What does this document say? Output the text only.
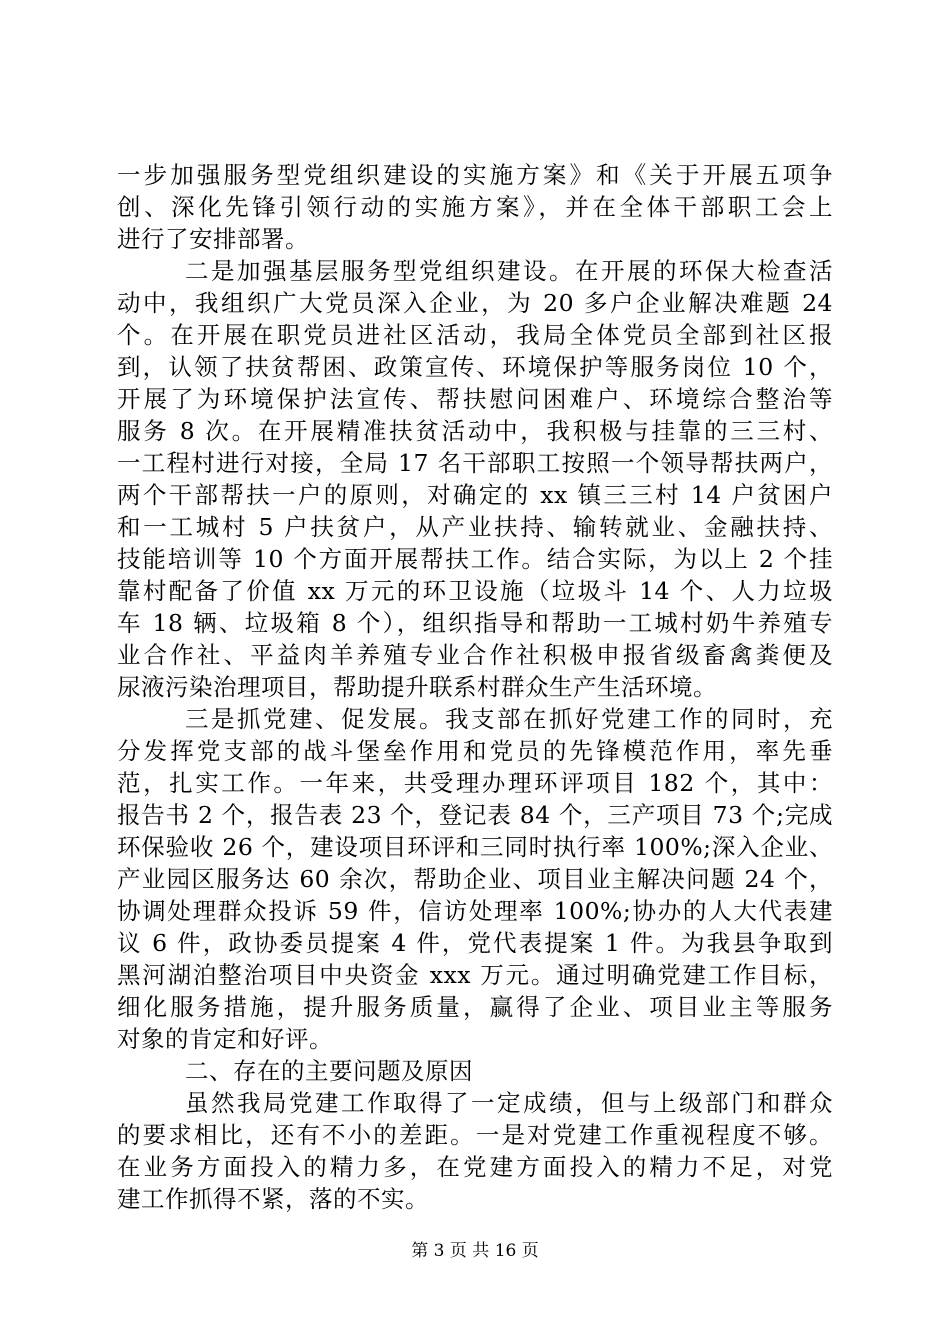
一步加强服务型党组织建设的实施方案》和《关于开展五项争
创、深化先锋引领行动的实施方案》，并在全体干部职工会上
进行了安排部署。
二是加强基层服务型党组织建设。在开展的环保大检查活
动中，我组织广大党员深入企业，为 20 多户企业解决难题 24
个。在开展在职党员进社区活动，我局全体党员全部到社区报
到，认领了扶贫帮困、政策宣传、环境保护等服务岗位 10 个，
开展了为环境保护法宣传、帮扶慰问困难户、环境综合整治等
服务 8 次。在开展精准扶贫活动中，我积极与挂靠的三三村、
一工程村进行对接，全局 17 名干部职工按照一个领导帮扶两户，
两个干部帮扶一户的原则，对确定的 xx 镇三三村 14 户贫困户
和一工城村 5 户扶贫户，从产业扶持、输转就业、金融扶持、
技能培训等 10 个方面开展帮扶工作。结合实际，为以上 2 个挂
靠村配备了价值 xx 万元的环卫设施（垃圾斗 14 个、人力垃圾
车 18 辆、垃圾箱 8 个），组织指导和帮助一工城村奶牛养殖专
业合作社、平益肉羊养殖专业合作社积极申报省级畜禽粪便及
尿液污染治理项目，帮助提升联系村群众生产生活环境。
三是抓党建、促发展。我支部在抓好党建工作的同时，充
分发挥党支部的战斗堡垒作用和党员的先锋模范作用，率先垂
范，扎实工作。一年来，共受理办理环评项目 182 个，其中：
报告书 2 个，报告表 23 个，登记表 84 个，三产项目 73 个;完成
环保验收 26 个，建设项目环评和三同时执行率 100%;深入企业、
产业园区服务达 60 余次，帮助企业、项目业主解决问题 24 个，
协调处理群众投诉 59 件，信访处理率 100%;协办的人大代表建
议 6 件，政协委员提案 4 件，党代表提案 1 件。为我县争取到
黑河湖泊整治项目中央资金 xxx 万元。通过明确党建工作目标，
细化服务措施，提升服务质量，赢得了企业、项目业主等服务
对象的肯定和好评。
二、存在的主要问题及原因
虽然我局党建工作取得了一定成绩，但与上级部门和群众
的要求相比，还有不小的差距。一是对党建工作重视程度不够。
在业务方面投入的精力多，在党建方面投入的精力不足，对党
建工作抓得不紧，落的不实。
第 3 页 共 16 页
